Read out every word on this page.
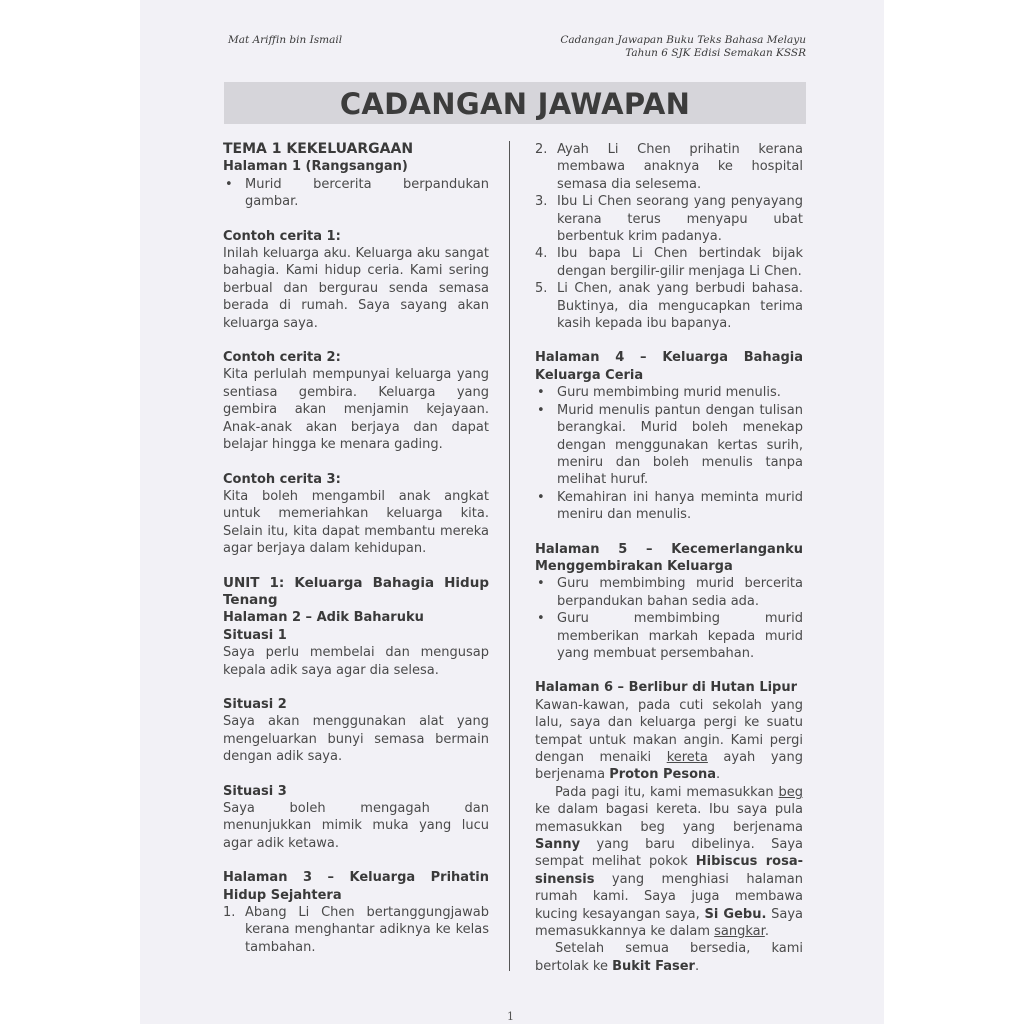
Mat Ariffin bin Ismail	Cadangan Jawapan Buku Teks Bahasa Melayu
Tahun 6 SJK Edisi Semakan KSSR
CADANGAN JAWAPAN
TEMA 1 KEKELUARGAAN
Halaman 1 (Rangsangan)
• Murid bercerita berpandukan gambar.
Contoh cerita 1:
Inilah keluarga aku. Keluarga aku sangat bahagia. Kami hidup ceria. Kami sering berbual dan bergurau senda semasa berada di rumah. Saya sayang akan keluarga saya.
Contoh cerita 2:
Kita perlulah mempunyai keluarga yang sentiasa gembira. Keluarga yang gembira akan menjamin kejayaan. Anak-anak akan berjaya dan dapat belajar hingga ke menara gading.
Contoh cerita 3:
Kita boleh mengambil anak angkat untuk memeriahkan keluarga kita. Selain itu, kita dapat membantu mereka agar berjaya dalam kehidupan.
UNIT 1: Keluarga Bahagia Hidup Tenang
Halaman 2 – Adik Baharuku
Situasi 1
Saya perlu membelai dan mengusap kepala adik saya agar dia selesa.
Situasi 2
Saya akan menggunakan alat yang mengeluarkan bunyi semasa bermain dengan adik saya.
Situasi 3
Saya boleh mengagah dan menunjukkan mimik muka yang lucu agar adik ketawa.
Halaman 3 – Keluarga Prihatin Hidup Sejahtera
1. Abang Li Chen bertanggungjawab kerana menghantar adiknya ke kelas tambahan.
2. Ayah Li Chen prihatin kerana membawa anaknya ke hospital semasa dia selesema.
3. Ibu Li Chen seorang yang penyayang kerana terus menyapu ubat berbentuk krim padanya.
4. Ibu bapa Li Chen bertindak bijak dengan bergilir-gilir menjaga Li Chen.
5. Li Chen, anak yang berbudi bahasa. Buktinya, dia mengucapkan terima kasih kepada ibu bapanya.
Halaman 4 – Keluarga Bahagia Keluarga Ceria
• Guru membimbing murid menulis.
• Murid menulis pantun dengan tulisan berangkai. Murid boleh menekap dengan menggunakan kertas surih, meniru dan boleh menulis tanpa melihat huruf.
• Kemahiran ini hanya meminta murid meniru dan menulis.
Halaman 5 – Kecemerlanganku Menggembirakan Keluarga
• Guru membimbing murid bercerita berpandukan bahan sedia ada.
• Guru membimbing murid memberikan markah kepada murid yang membuat persembahan.
Halaman 6 – Berlibur di Hutan Lipur
Kawan-kawan, pada cuti sekolah yang lalu, saya dan keluarga pergi ke suatu tempat untuk makan angin. Kami pergi dengan menaiki kereta ayah yang berjenama Proton Pesona.
Pada pagi itu, kami memasukkan beg ke dalam bagasi kereta. Ibu saya pula memasukkan beg yang berjenama Sanny yang baru dibelinya. Saya sempat melihat pokok Hibiscus rosa-sinensis yang menghiasi halaman rumah kami. Saya juga membawa kucing kesayangan saya, Si Gebu. Saya memasukkannya ke dalam sangkar.
Setelah semua bersedia, kami bertolak ke Bukit Faser.
1
